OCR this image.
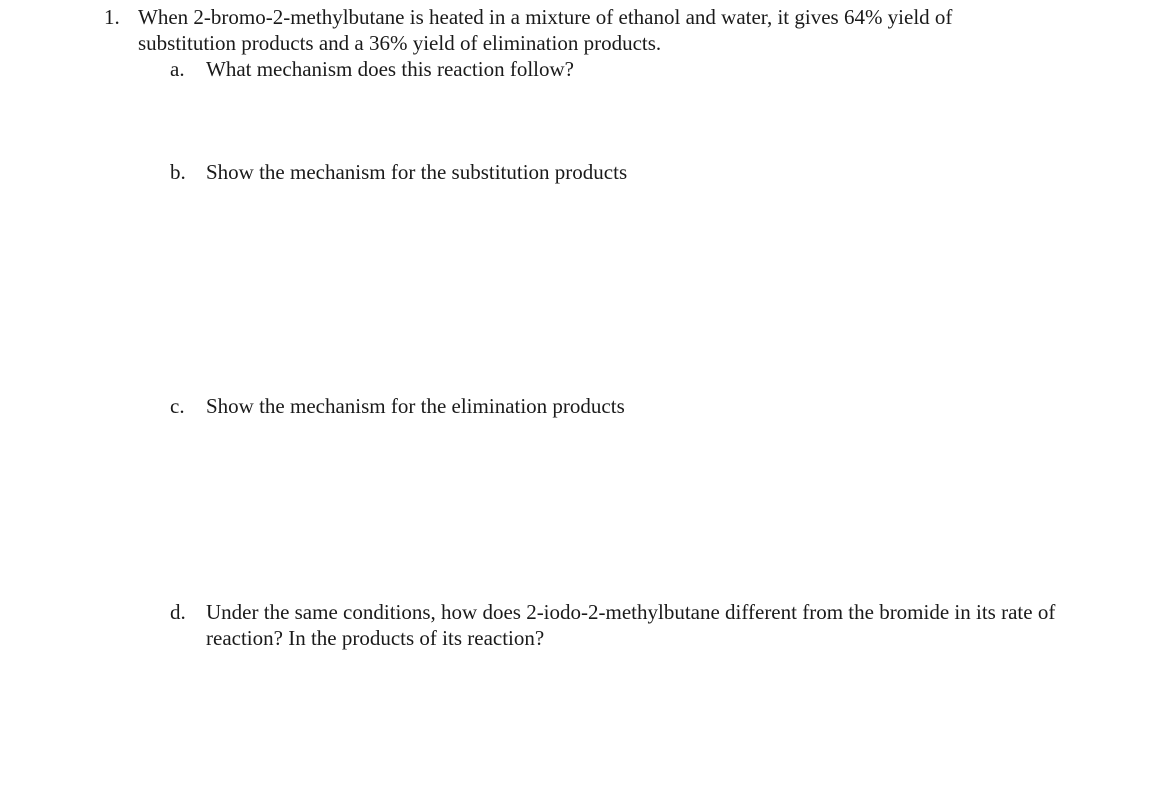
1. When 2-bromo-2-methylbutane is heated in a mixture of ethanol and water, it gives 64% yield of substitution products and a 36% yield of elimination products.
a.	What mechanism does this reaction follow?
b. Show the mechanism for the substitution products
c.	Show the mechanism for the elimination products
d. Under the same conditions, how does 2-iodo-2-methylbutane different from the bromide in its rate of reaction? In the products of its reaction?
